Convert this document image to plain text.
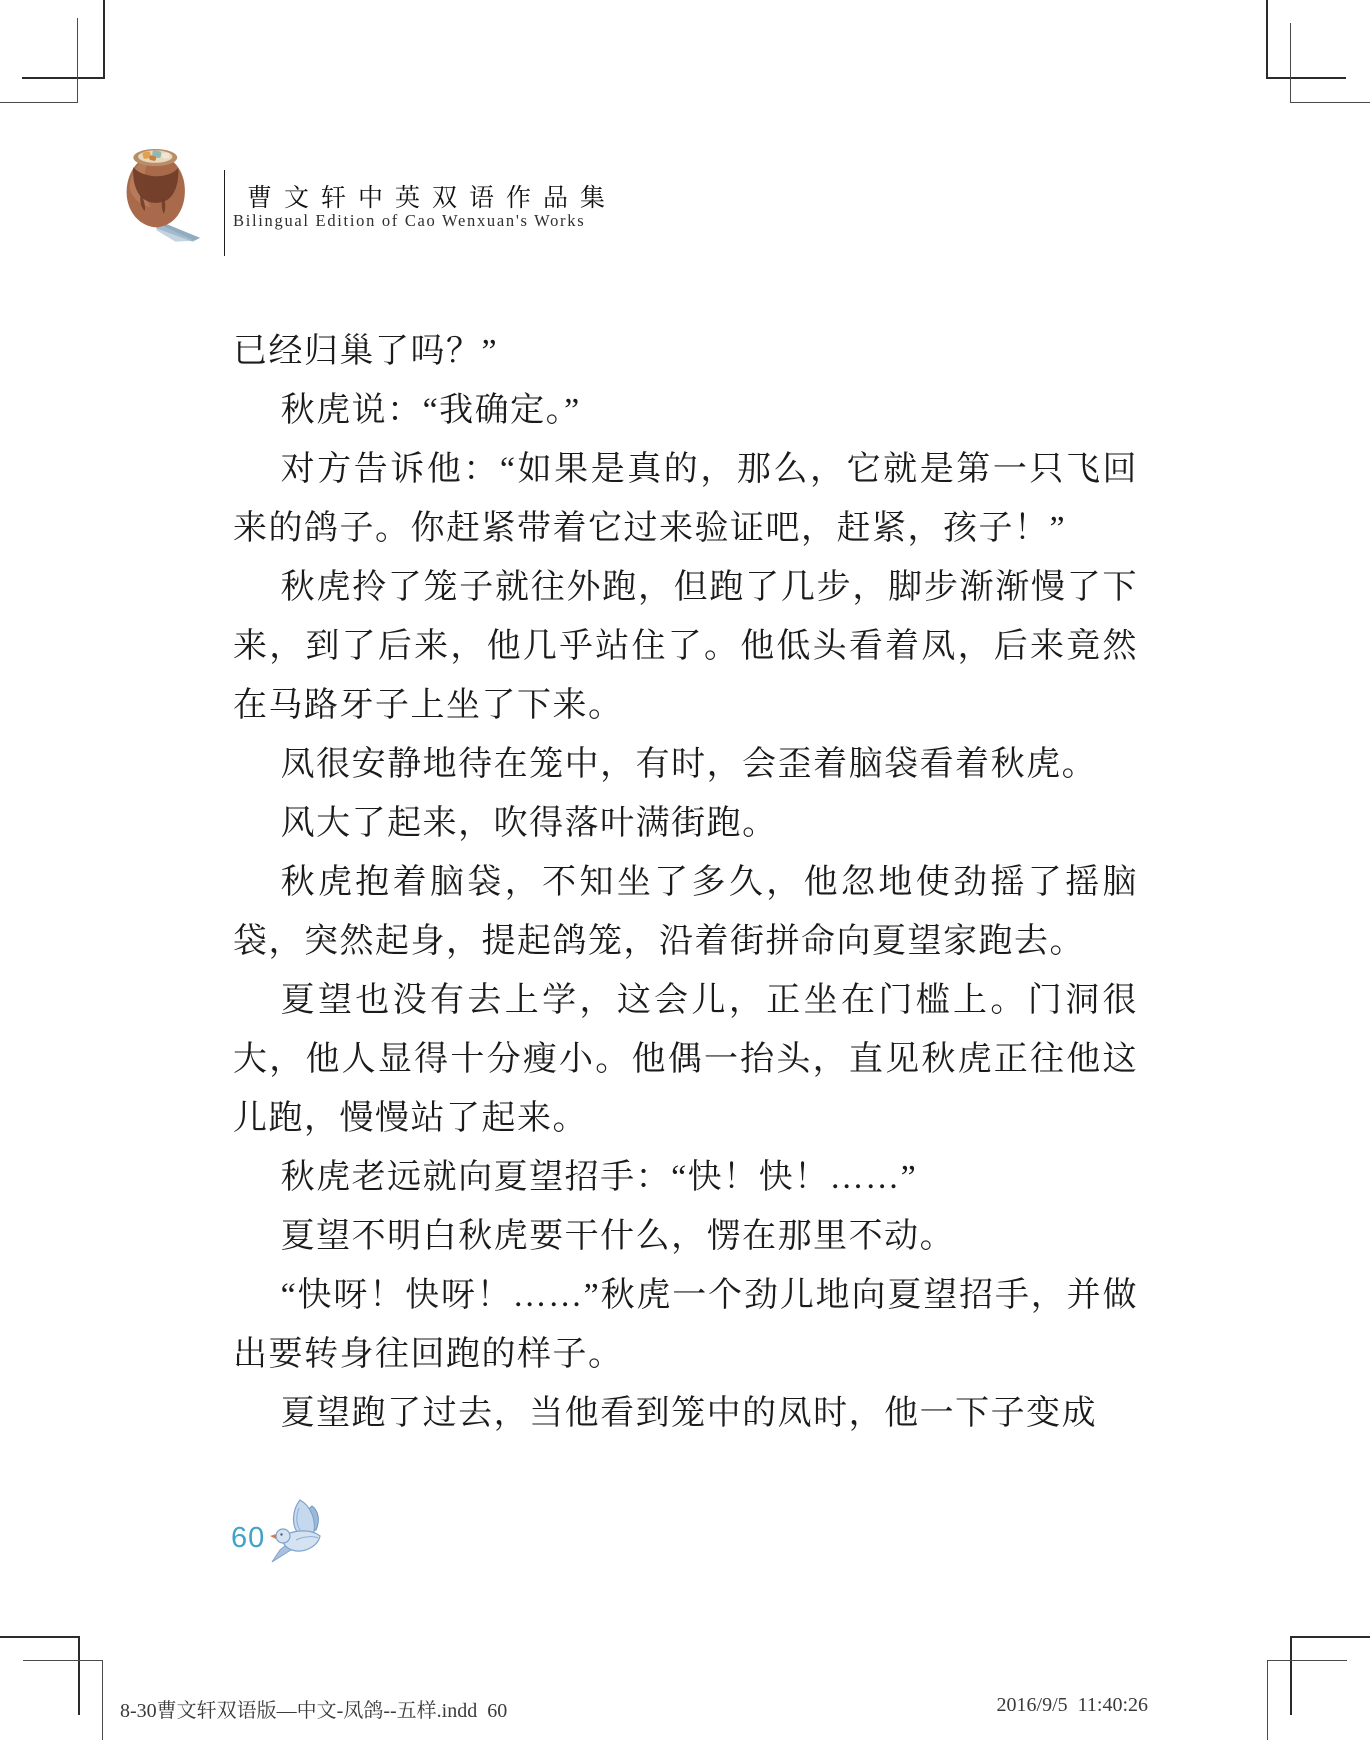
曹文轩中英双语作品集
Bilingual Edition of Cao Wenxuan's Works

已经归巢了吗？”

秋虎说：“我确定。”

对方告诉他：“如果是真的，那么，它就是第一只飞回来的鸽子。你赶紧带着它过来验证吧，赶紧，孩子！”

秋虎拎了笼子就往外跑，但跑了几步，脚步渐渐慢了下来，到了后来，他几乎站住了。他低头看着凤，后来竟然在马路牙子上坐了下来。

凤很安静地待在笼中，有时，会歪着脑袋看着秋虎。

风大了起来，吹得落叶满街跑。

秋虎抱着脑袋，不知坐了多久，他忽地使劲摇了摇脑袋，突然起身，提起鸽笼，沿着街拼命向夏望家跑去。

夏望也没有去上学，这会儿，正坐在门槛上。门洞很大，他人显得十分瘦小。他偶一抬头，直见秋虎正往他这儿跑，慢慢站了起来。

秋虎老远就向夏望招手：“快！快！……”

夏望不明白秋虎要干什么，愣在那里不动。

“快呀！快呀！……”秋虎一个劲儿地向夏望招手，并做出要转身往回跑的样子。

夏望跑了过去，当他看到笼中的凤时，他一下子变成

60
8-30曹文轩双语版—中文-凤鸽--五样.indd  60	2016/9/5  11:40:26
